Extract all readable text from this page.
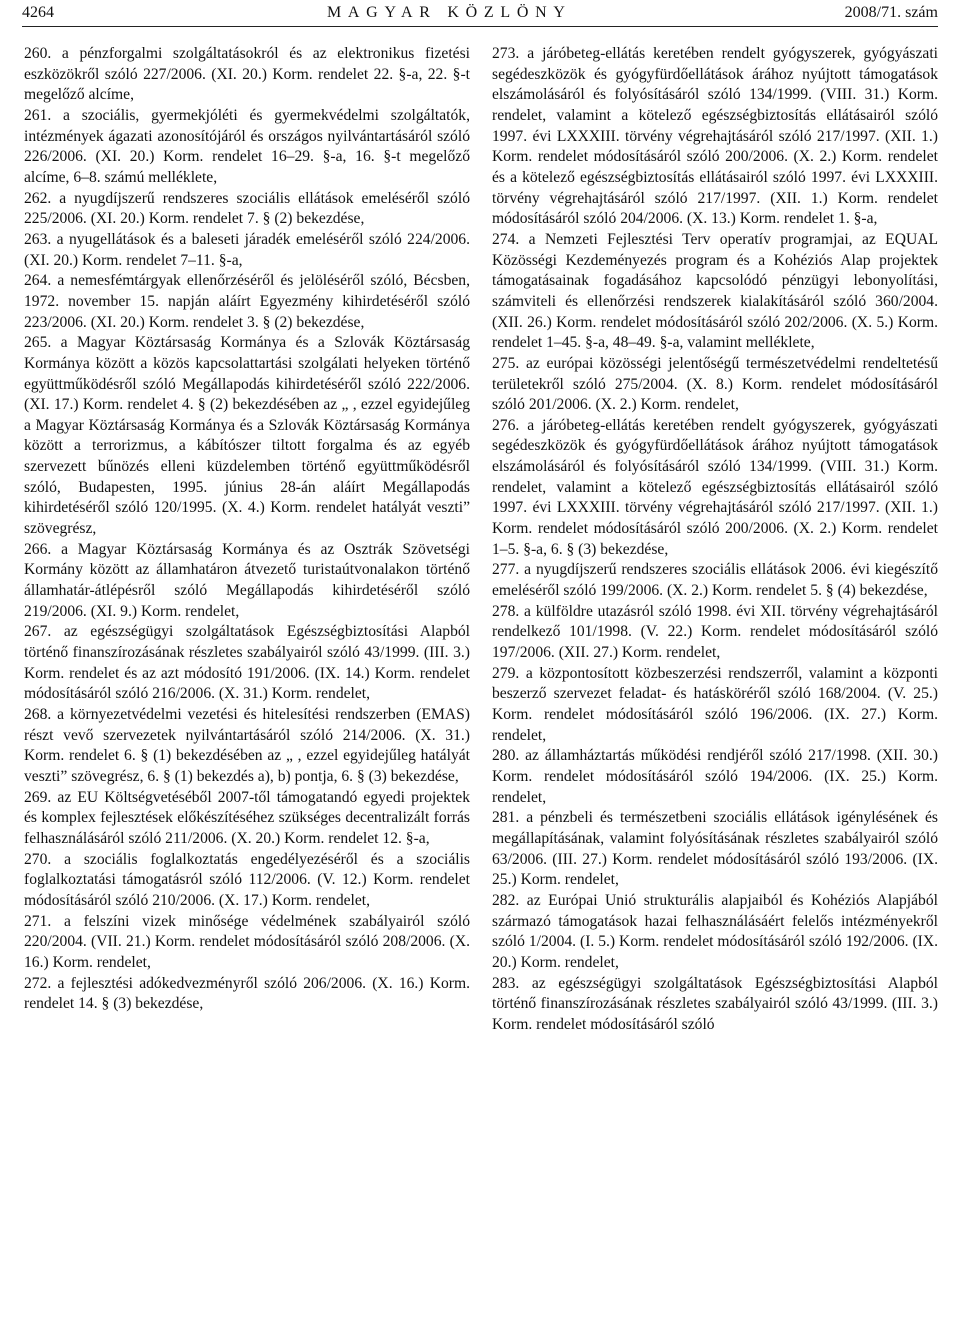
4264	MAGYAR KÖZLÖNY	2008/71. szám

260. a pénzforgalmi szolgáltatásokról és az elektronikus fizetési eszközökről szóló 227/2006. (XI. 20.) Korm. rendelet 22. §-a, 22. §-t megelőző alcíme,

261. a szociális, gyermekjóléti és gyermekvédelmi szolgáltatók, intézmények ágazati azonosítójáról és országos nyilvántartásáról szóló 226/2006. (XI. 20.) Korm. rendelet 16–29. §-a, 16. §-t megelőző alcíme, 6–8. számú melléklete,

262. a nyugdíjszerű rendszeres szociális ellátások emeléséről szóló 225/2006. (XI. 20.) Korm. rendelet 7. § (2) bekezdése,

263. a nyugellátások és a baleseti járadék emeléséről szóló 224/2006. (XI. 20.) Korm. rendelet 7–11. §-a,

264. a nemesfémtárgyak ellenőrzéséről és jelöléséről szóló, Bécsben, 1972. november 15. napján aláírt Egyezmény kihirdetéséről szóló 223/2006. (XI. 20.) Korm. rendelet 3. § (2) bekezdése,

265. a Magyar Köztársaság Kormánya és a Szlovák Köztársaság Kormánya között a közös kapcsolattartási szolgálati helyeken történő együttműködésről szóló Megállapodás kihirdetéséről szóló 222/2006. (XI. 17.) Korm. rendelet 4. § (2) bekezdésében az „ , ezzel egyidejűleg a Magyar Köztársaság Kormánya és a Szlovák Köztársaság Kormánya között a terrorizmus, a kábítószer tiltott forgalma és az egyéb szervezett bűnözés elleni küzdelemben történő együttműködésről szóló, Budapesten, 1995. június 28-án aláírt Megállapodás kihirdetéséről szóló 120/1995. (X. 4.) Korm. rendelet hatályát veszti” szövegrész,

266. a Magyar Köztársaság Kormánya és az Osztrák Szövetségi Kormány között az államhatáron átvezető turistaútvonalakon történő államhatár-átlépésről szóló Megállapodás kihirdetéséről szóló 219/2006. (XI. 9.) Korm. rendelet,

267. az egészségügyi szolgáltatások Egészségbiztosítási Alapból történő finanszírozásának részletes szabályairól szóló 43/1999. (III. 3.) Korm. rendelet és az azt módosító 191/2006. (IX. 14.) Korm. rendelet módosításáról szóló 216/2006. (X. 31.) Korm. rendelet,

268. a környezetvédelmi vezetési és hitelesítési rendszerben (EMAS) részt vevő szervezetek nyilvántartásáról szóló 214/2006. (X. 31.) Korm. rendelet 6. § (1) bekezdésében az „ , ezzel egyidejűleg hatályát veszti” szövegrész, 6. § (1) bekezdés a), b) pontja, 6. § (3) bekezdése,

269. az EU Költségvetéséből 2007-től támogatandó egyedi projektek és komplex fejlesztések előkészítéséhez szükséges decentralizált forrás felhasználásáról szóló 211/2006. (X. 20.) Korm. rendelet 12. §-a,

270. a szociális foglalkoztatás engedélyezéséről és a szociális foglalkoztatási támogatásról szóló 112/2006. (V. 12.) Korm. rendelet módosításáról szóló 210/2006. (X. 17.) Korm. rendelet,

271. a felszíni vizek minősége védelmének szabályairól szóló 220/2004. (VII. 21.) Korm. rendelet módosításáról szóló 208/2006. (X. 16.) Korm. rendelet,

272. a fejlesztési adókedvezményről szóló 206/2006. (X. 16.) Korm. rendelet 14. § (3) bekezdése,

273. a járóbeteg-ellátás keretében rendelt gyógyszerek, gyógyászati segédeszközök és gyógyfürdőellátások árához nyújtott támogatások elszámolásáról és folyósításáról szóló 134/1999. (VIII. 31.) Korm. rendelet, valamint a kötelező egészségbiztosítás ellátásairól szóló 1997. évi LXXXIII. törvény végrehajtásáról szóló 217/1997. (XII. 1.) Korm. rendelet módosításáról szóló 200/2006. (X. 2.) Korm. rendelet és a kötelező egészségbiztosítás ellátásairól szóló 1997. évi LXXXIII. törvény végrehajtásáról szóló 217/1997. (XII. 1.) Korm. rendelet módosításáról szóló 204/2006. (X. 13.) Korm. rendelet 1. §-a,

274. a Nemzeti Fejlesztési Terv operatív programjai, az EQUAL Közösségi Kezdeményezés program és a Kohéziós Alap projektek támogatásainak fogadásához kapcsolódó pénzügyi lebonyolítási, számviteli és ellenőrzési rendszerek kialakításáról szóló 360/2004. (XII. 26.) Korm. rendelet módosításáról szóló 202/2006. (X. 5.) Korm. rendelet 1–45. §-a, 48–49. §-a, valamint melléklete,

275. az európai közösségi jelentőségű természetvédelmi rendeltetésű területekről szóló 275/2004. (X. 8.) Korm. rendelet módosításáról szóló 201/2006. (X. 2.) Korm. rendelet,

276. a járóbeteg-ellátás keretében rendelt gyógyszerek, gyógyászati segédeszközök és gyógyfürdőellátások árához nyújtott támogatások elszámolásáról és folyósításáról szóló 134/1999. (VIII. 31.) Korm. rendelet, valamint a kötelező egészségbiztosítás ellátásairól szóló 1997. évi LXXXIII. törvény végrehajtásáról szóló 217/1997. (XII. 1.) Korm. rendelet módosításáról szóló 200/2006. (X. 2.) Korm. rendelet 1–5. §-a, 6. § (3) bekezdése,

277. a nyugdíjszerű rendszeres szociális ellátások 2006. évi kiegészítő emeléséről szóló 199/2006. (X. 2.) Korm. rendelet 5. § (4) bekezdése,

278. a külföldre utazásról szóló 1998. évi XII. törvény végrehajtásáról rendelkező 101/1998. (V. 22.) Korm. rendelet módosításáról szóló 197/2006. (XII. 27.) Korm. rendelet,

279. a központosított közbeszerzési rendszerről, valamint a központi beszerző szervezet feladat- és hatásköréről szóló 168/2004. (V. 25.) Korm. rendelet módosításáról szóló 196/2006. (IX. 27.) Korm. rendelet,

280. az államháztartás működési rendjéről szóló 217/1998. (XII. 30.) Korm. rendelet módosításáról szóló 194/2006. (IX. 25.) Korm. rendelet,

281. a pénzbeli és természetbeni szociális ellátások igénylésének és megállapításának, valamint folyósításának részletes szabályairól szóló 63/2006. (III. 27.) Korm. rendelet módosításáról szóló 193/2006. (IX. 25.) Korm. rendelet,

282. az Európai Unió strukturális alapjaiból és Kohéziós Alapjából származó támogatások hazai felhasználásáért felelős intézményekről szóló 1/2004. (I. 5.) Korm. rendelet módosításáról szóló 192/2006. (IX. 20.) Korm. rendelet,

283. az egészségügyi szolgáltatások Egészségbiztosítási Alapból történő finanszírozásának részletes szabályairól szóló 43/1999. (III. 3.) Korm. rendelet módosításáról szóló
